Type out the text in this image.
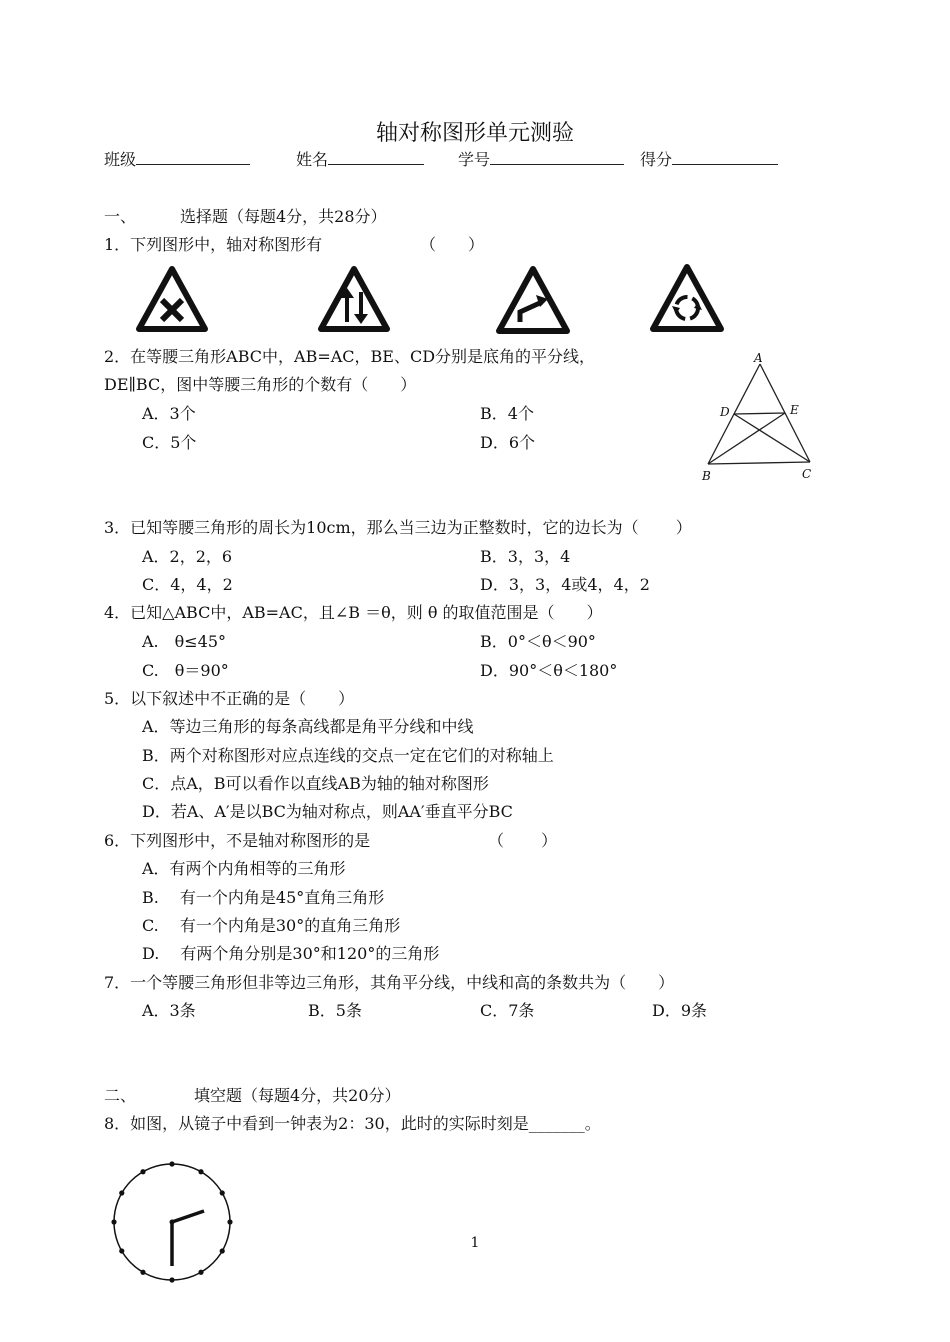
轴对称图形单元测验
班级	姓名	学号	得分
一、	选择题（每题4分，共28分）
1．下列图形中，轴对称图形有	（　　）
2．在等腰三角形ABC中，AB=AC，BE、CD分别是底角的平分线，
DE∥BC，图中等腰三角形的个数有（　　）
A．3个	B．4个
C．5个	D．6个
A
D	E
B	C
3．已知等腰三角形的周长为10cm，那么当三边为正整数时，它的边长为（　　 ）
A．2，2，6	B．3，3，4
C．4，4，2	D．3，3，4或4，4，2
4．已知△ABC中，AB=AC，且∠B ＝θ，则 θ 的取值范围是（　　）
A.　θ≤45°	B．0°＜θ＜90°
C.　θ＝90°	D．90°＜θ＜180°
5．以下叙述中不正确的是（　　）
A．等边三角形的每条高线都是角平分线和中线
B．两个对称图形对应点连线的交点一定在它们的对称轴上
C．点A，B可以看作以直线AB为轴的轴对称图形
D．若A、A′是以BC为轴对称点，则AA′垂直平分BC
6．下列图形中，不是轴对称图形的是	（　　 ）
A．有两个内角相等的三角形
B.　 有一个内角是45°直角三角形
C.　 有一个内角是30°的直角三角形
D.　 有两个角分别是30°和120°的三角形
7．一个等腰三角形但非等边三角形，其角平分线，中线和高的条数共为（　　）
A．3条	B．5条	C．7条	D．9条
二、	填空题（每题4分，共20分）
8．如图，从镜子中看到一钟表为2：30，此时的实际时刻是_______。
1
